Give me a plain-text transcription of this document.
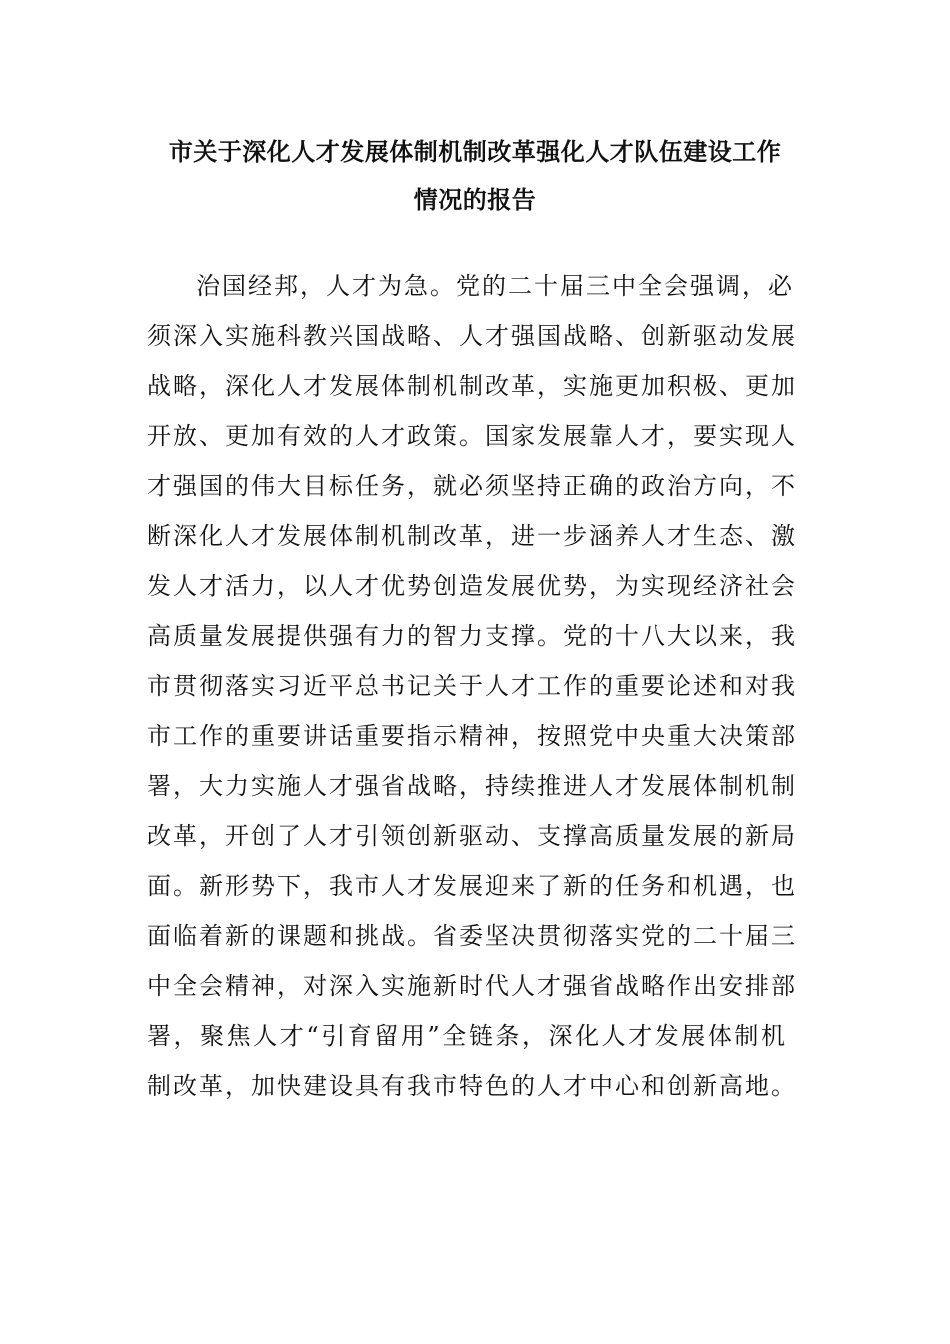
市关于深化人才发展体制机制改革强化人才队伍建设工作
情况的报告
治国经邦，人才为急。党的二十届三中全会强调，必
须深入实施科教兴国战略、人才强国战略、创新驱动发展
战略，深化人才发展体制机制改革，实施更加积极、更加
开放、更加有效的人才政策。国家发展靠人才，要实现人
才强国的伟大目标任务，就必须坚持正确的政治方向，不
断深化人才发展体制机制改革，进一步涵养人才生态、激
发人才活力，以人才优势创造发展优势，为实现经济社会
高质量发展提供强有力的智力支撑。党的十八大以来，我
市贯彻落实习近平总书记关于人才工作的重要论述和对我
市工作的重要讲话重要指示精神，按照党中央重大决策部
署，大力实施人才强省战略，持续推进人才发展体制机制
改革，开创了人才引领创新驱动、支撑高质量发展的新局
面。新形势下，我市人才发展迎来了新的任务和机遇，也
面临着新的课题和挑战。省委坚决贯彻落实党的二十届三
中全会精神，对深入实施新时代人才强省战略作出安排部
署，聚焦人才“引育留用”全链条，深化人才发展体制机
制改革，加快建设具有我市特色的人才中心和创新高地。
